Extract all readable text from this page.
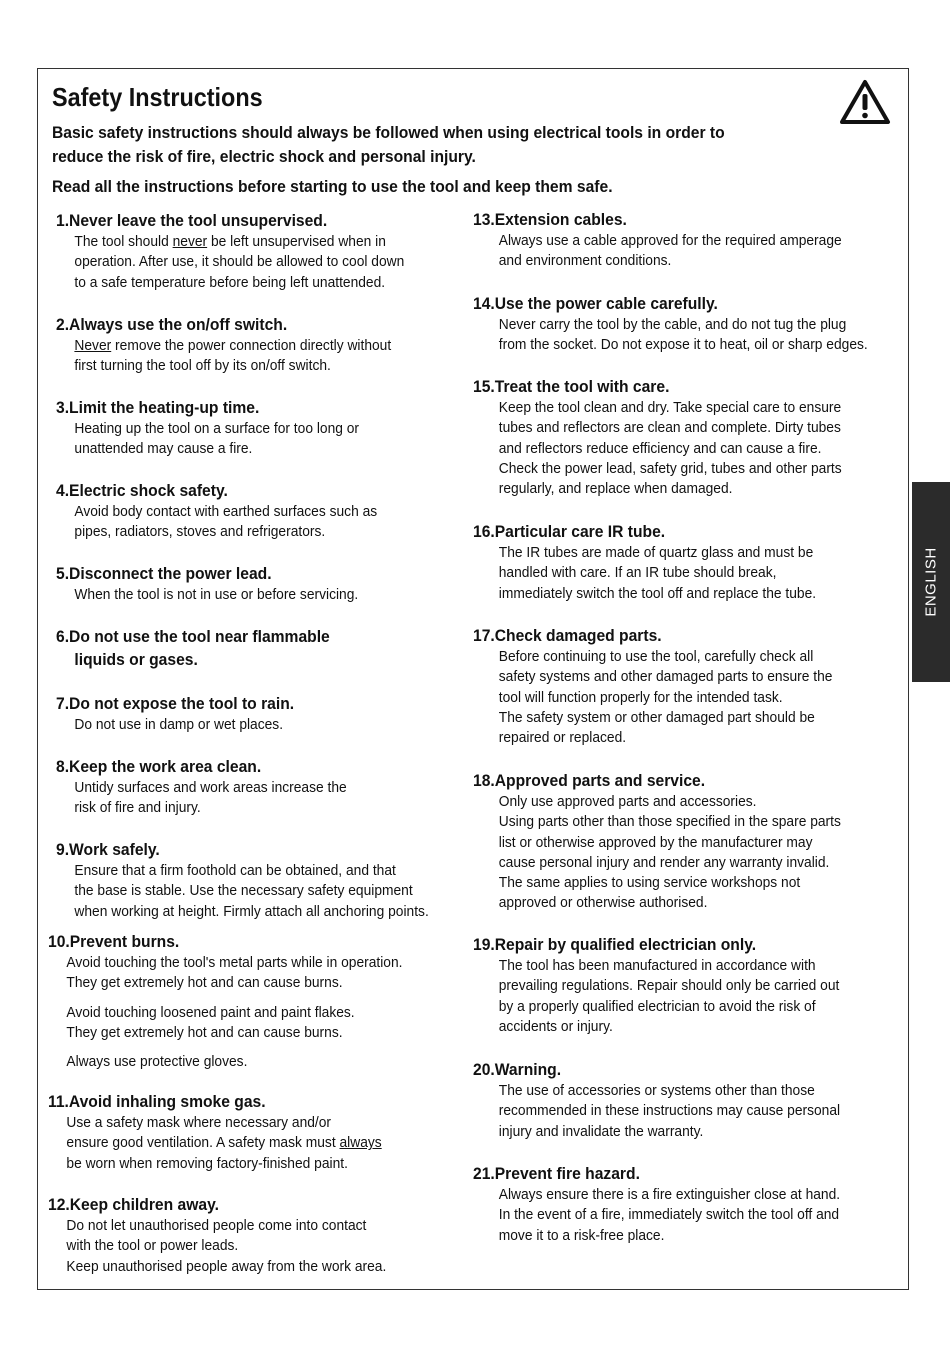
Safety Instructions

Basic safety instructions should always be followed when using electrical tools in order to

reduce the risk of fire, electric shock and personal injury.

Read all the instructions before starting to use the tool and keep them safe.

ENGLISH
1.Never leave the tool unsupervised.
The tool should never be left unsupervised when in
operation. After use, it should be allowed to cool down
to a safe temperature before being left unattended.
2.Always use the on/off switch.
Never remove the power connection directly without
first turning the tool off by its on/off switch.
3.Limit the heating-up time.
Heating up the tool on a surface for too long or
unattended may cause a fire.
4.Electric shock safety.
Avoid body contact with earthed surfaces such as
pipes, radiators, stoves and refrigerators.
5.Disconnect the power lead.
When the tool is not in use or before servicing.
6.Do not use the tool near flammable
liquids or gases.
7.Do not expose the tool to rain.
Do not use in damp or wet places.
8.Keep the work area clean.
Untidy surfaces and work areas increase the
risk of fire and injury.
9.Work safely.
Ensure that a firm foothold can be obtained, and that
the base is stable. Use the necessary safety equipment
when working at height. Firmly attach all anchoring points.
10.Prevent burns.
Avoid touching the tool's metal parts while in operation.
They get extremely hot and can cause burns.
Avoid touching loosened paint and paint flakes.
They get extremely hot and can cause burns.
Always use protective gloves.
11.Avoid inhaling smoke gas.
Use a safety mask where necessary and/or
ensure good ventilation. A safety mask must always
be worn when removing factory-finished paint.
12.Keep children away.
Do not let unauthorised people come into contact
with the tool or power leads.
Keep unauthorised people away from the work area.
13.Extension cables.
Always use a cable approved for the required amperage
and environment conditions.
14.Use the power cable carefully.
Never carry the tool by the cable, and do not tug the plug
from the socket. Do not expose it to heat, oil or sharp edges.
15.Treat the tool with care.
Keep the tool clean and dry. Take special care to ensure
tubes and reflectors are clean and complete. Dirty tubes
and reflectors reduce efficiency and can cause a fire.
Check the power lead, safety grid, tubes and other parts
regularly, and replace when damaged.
16.Particular care IR tube.
The IR tubes are made of quartz glass and must be
handled with care. If an IR tube should break,
immediately switch the tool off and replace the tube.
17.Check damaged parts.
Before continuing to use the tool, carefully check all
safety systems and other damaged parts to ensure the
tool will function properly for the intended task.
The safety system or other damaged part should be
repaired or replaced.
18.Approved parts and service.
Only use approved parts and accessories.
Using parts other than those specified in the spare parts
list or otherwise approved by the manufacturer may
cause personal injury and render any warranty invalid.
The same applies to using service workshops not
approved or otherwise authorised.
19.Repair by qualified electrician only.
The tool has been manufactured in accordance with
prevailing regulations. Repair should only be carried out
by a properly qualified electrician to avoid the risk of
accidents or injury.
20.Warning.
The use of accessories or systems other than those
recommended in these instructions may cause personal
injury and invalidate the warranty.
21.Prevent fire hazard.
Always ensure there is a fire extinguisher close at hand.
In the event of a fire, immediately switch the tool off and
move it to a risk-free place.
